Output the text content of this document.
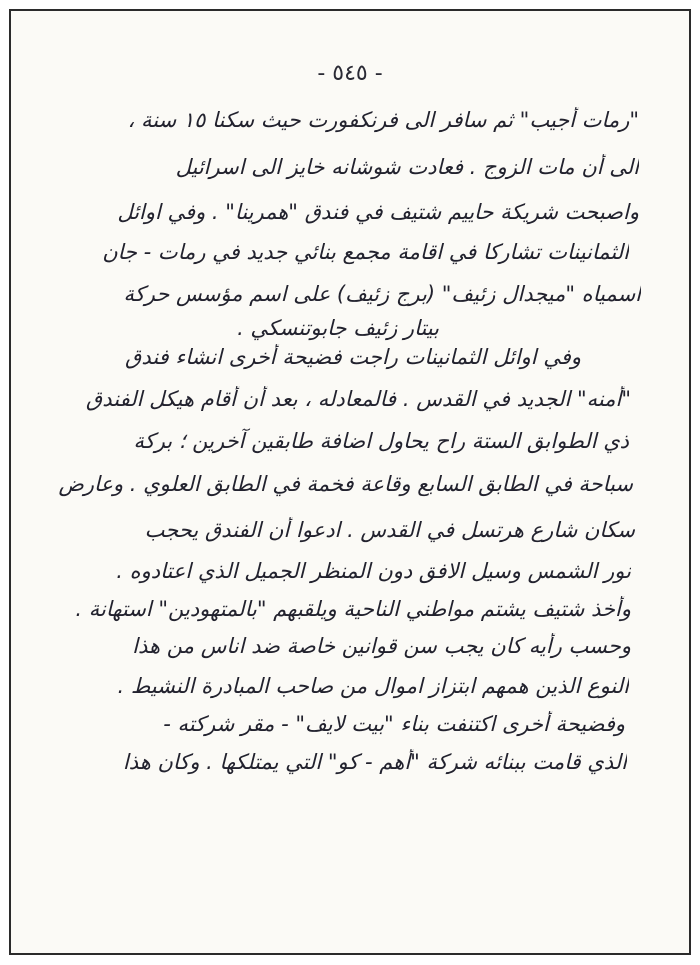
- ٥٤٥ -
"رمات أُجيب" ثم سافر الى فرنكفورت حيث سكنا ١٥ سنة ،
الى أن مات الزوج . فعادت شوشانه خايز الى اسرائيل
واصبحت شريكة حاييم شتيف في فندق "همرينا" . وفي اوائل
الثمانينات تشاركا في اقامة مجمع بنائي جديد في رمات - جان
اسمياه "ميجدال زئيف" (برج زئيف) على اسم مؤسس حركة
بيتار زئيف جابوتنسكي .
وفي اوائل الثمانينات راجت فضيحة أخرى انشاء فندق
"أمنه" الجديد في القدس . فالمعادله ، بعد أن أقام هيكل الفندق
ذي الطوابق الستة راح يحاول اضافة طابقين آخرين ؛ بركة
سباحة في الطابق السابع وقاعة فخمة في الطابق العلوي . وعارض
سكان شارع هرتسل في القدس . ادعوا أن الفندق يحجب
نور الشمس وسيل الافق دون المنظر الجميل الذي اعتادوه .
وأخذ شتيف يشتم مواطني الناحية ويلقبهم "بالمتهودين" استهانة .
وحسب رأيه كان يجب سن قوانين خاصة ضد اناس من هذا
النوع الذين همهم ابتزاز اموال من صاحب المبادرة النشيط .
وفضيحة أخرى اكتنفت بناء "بيت لايف" - مقر شركته -
الذي قامت ببنائه شركة "أهم - كو" التي يمتلكها . وكان هذا
